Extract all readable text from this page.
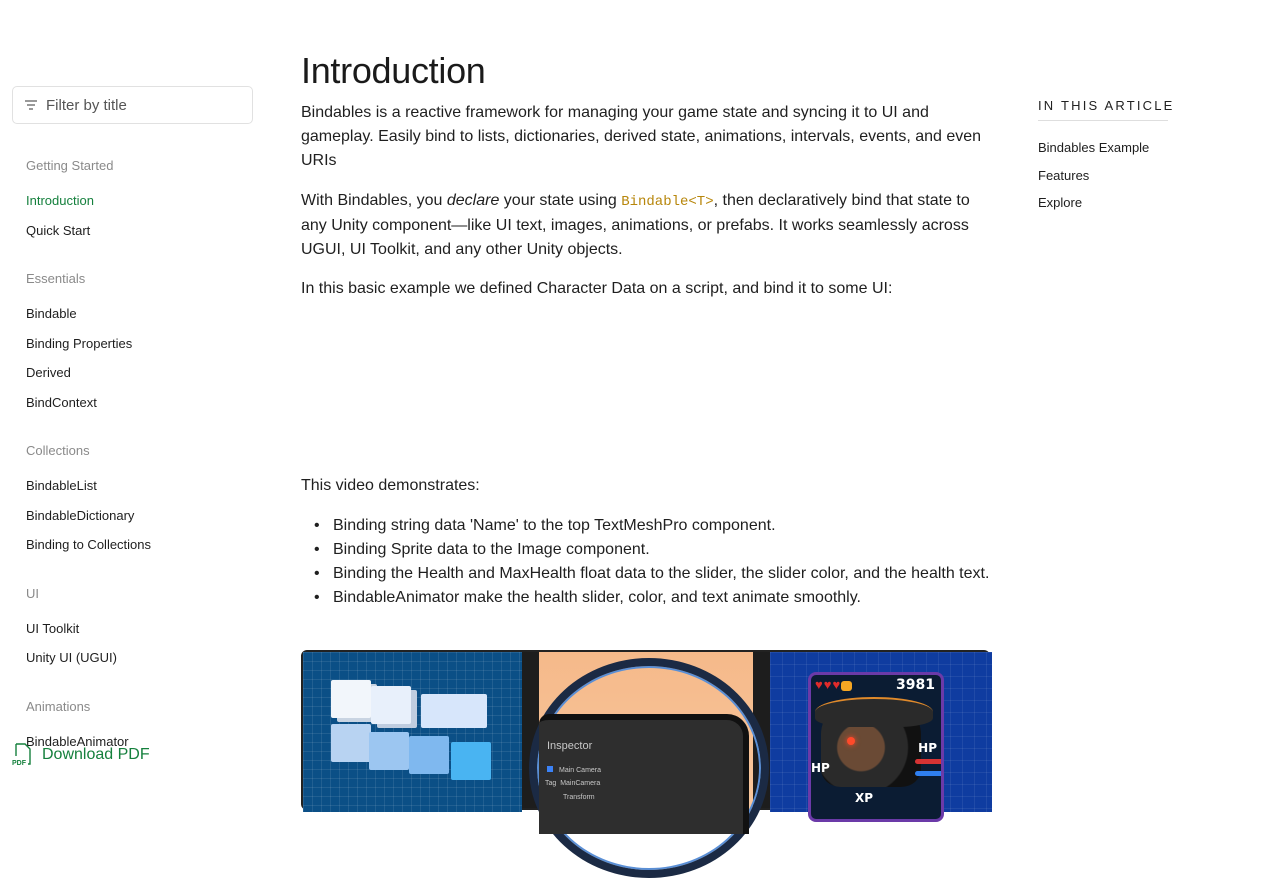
Filter by title
Getting Started
Introduction
Quick Start
Essentials
Bindable
Binding Properties
Derived
BindContext
Collections
BindableList
BindableDictionary
Binding to Collections
UI
UI Toolkit
Unity UI (UGUI)
Animations
BindableAnimator
PDF
Download PDF
Introduction

Bindables is a reactive framework for managing your game state and syncing it to UI and gameplay. Easily bind to lists, dictionaries, derived state, animations, intervals, events, and even URIs

With Bindables, you declare your state using Bindable<T>, then declaratively bind that state to any Unity component—like UI text, images, animations, or prefabs. It works seamlessly across UGUI, UI Toolkit, and any other Unity objects.

In this basic example we defined Character Data on a script, and bind it to some UI:

This video demonstrates:

• Binding string data 'Name' to the top TextMeshPro component.
• Binding Sprite data to the Image component.
• Binding the Health and MaxHealth float data to the slider, the slider color, and the health text.
• BindableAnimator make the health slider, color, and text animate smoothly.
Inspector
Main Camera
Tag MainCamera
Transform
♥♥♥	3981
HP
HP
XP
IN THIS ARTICLE
Bindables Example
Features
Explore
